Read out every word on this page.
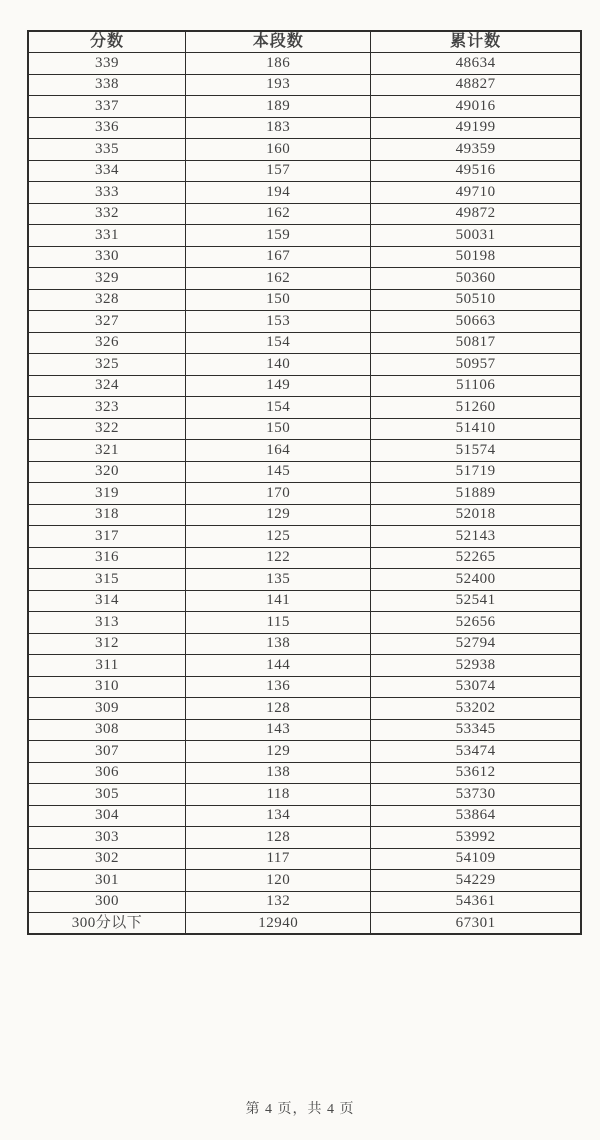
分数	本段数	累计数
339	186	48634
338	193	48827
337	189	49016
336	183	49199
335	160	49359
334	157	49516
333	194	49710
332	162	49872
331	159	50031
330	167	50198
329	162	50360
328	150	50510
327	153	50663
326	154	50817
325	140	50957
324	149	51106
323	154	51260
322	150	51410
321	164	51574
320	145	51719
319	170	51889
318	129	52018
317	125	52143
316	122	52265
315	135	52400
314	141	52541
313	115	52656
312	138	52794
311	144	52938
310	136	53074
309	128	53202
308	143	53345
307	129	53474
306	138	53612
305	118	53730
304	134	53864
303	128	53992
302	117	54109
301	120	54229
300	132	54361
300分以下	12940	67301
第 4 页，共 4 页
